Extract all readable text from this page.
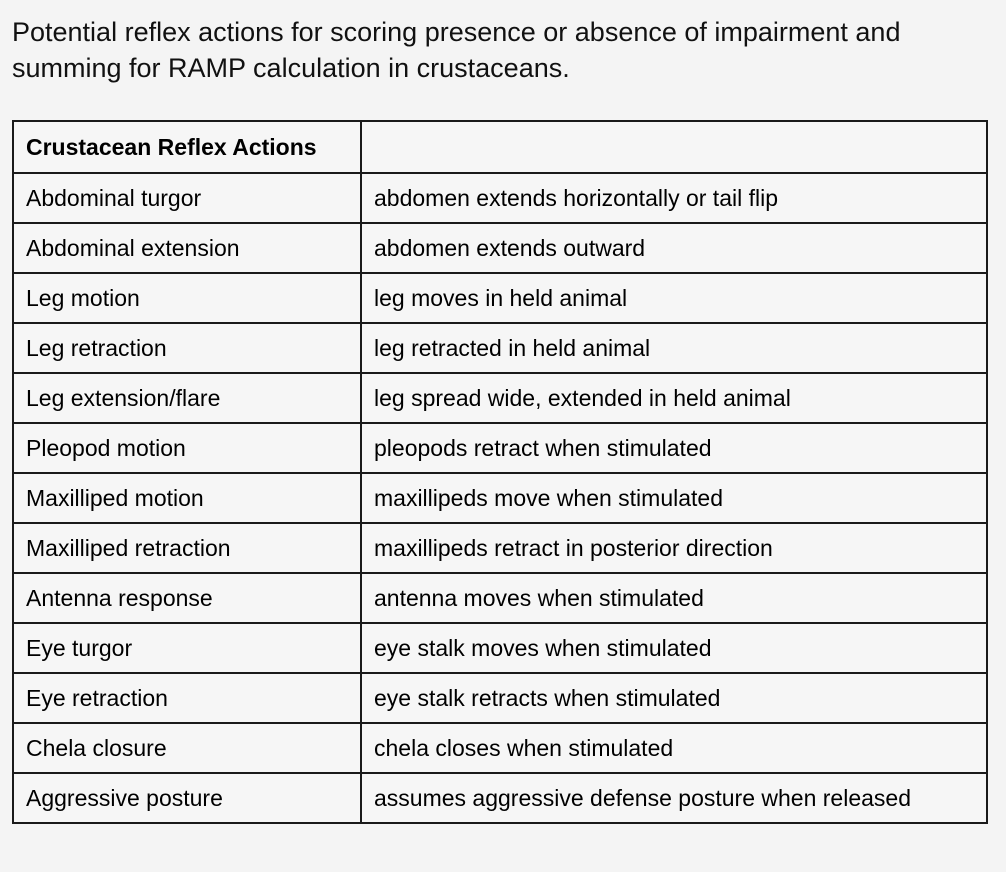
Potential reflex actions for scoring presence or absence of impairment and summing for RAMP calculation in crustaceans.
Crustacean Reflex Actions	
Abdominal turgor	abdomen extends horizontally or tail flip
Abdominal extension	abdomen extends outward
Leg motion	leg moves in held animal
Leg retraction	leg retracted in held animal
Leg extension/flare	leg spread wide, extended in held animal
Pleopod motion	pleopods retract when stimulated
Maxilliped motion	maxillipeds move when stimulated
Maxilliped retraction	maxillipeds retract in posterior direction
Antenna response	antenna moves when stimulated
Eye turgor	eye stalk moves when stimulated
Eye retraction	eye stalk retracts when stimulated
Chela closure	chela closes when stimulated
Aggressive posture	assumes aggressive defense posture when released
